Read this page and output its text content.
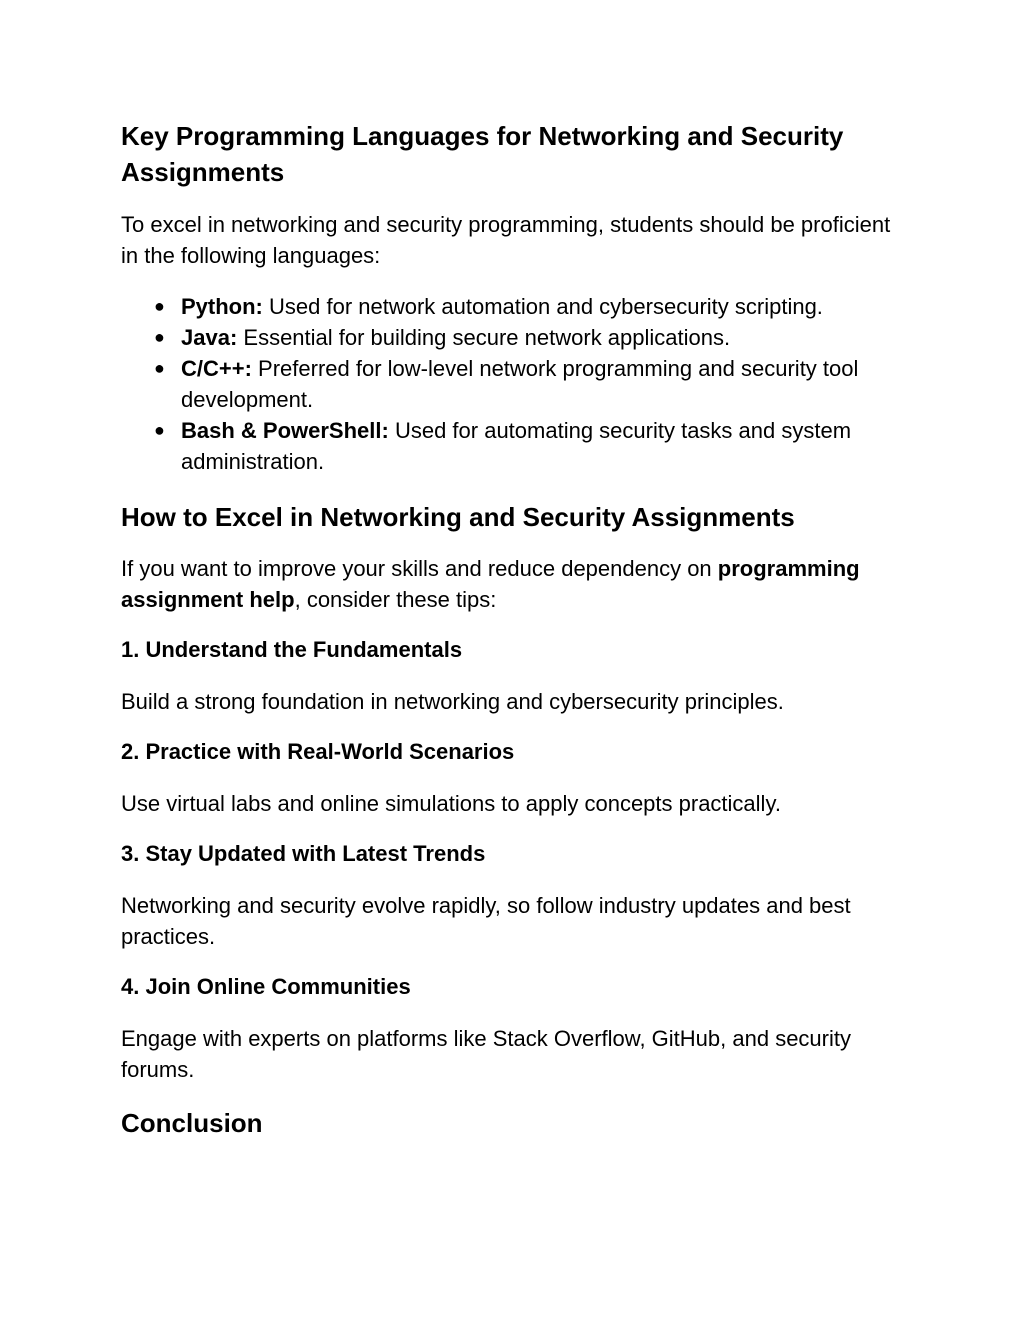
Key Programming Languages for Networking and Security Assignments
To excel in networking and security programming, students should be proficient in the following languages:
● Python: Used for network automation and cybersecurity scripting.
● Java: Essential for building secure network applications.
● C/C++: Preferred for low-level network programming and security tool development.
● Bash & PowerShell: Used for automating security tasks and system administration.
How to Excel in Networking and Security Assignments
If you want to improve your skills and reduce dependency on programming assignment help, consider these tips:
1. Understand the Fundamentals
Build a strong foundation in networking and cybersecurity principles.
2. Practice with Real-World Scenarios
Use virtual labs and online simulations to apply concepts practically.
3. Stay Updated with Latest Trends
Networking and security evolve rapidly, so follow industry updates and best practices.
4. Join Online Communities
Engage with experts on platforms like Stack Overflow, GitHub, and security forums.
Conclusion
